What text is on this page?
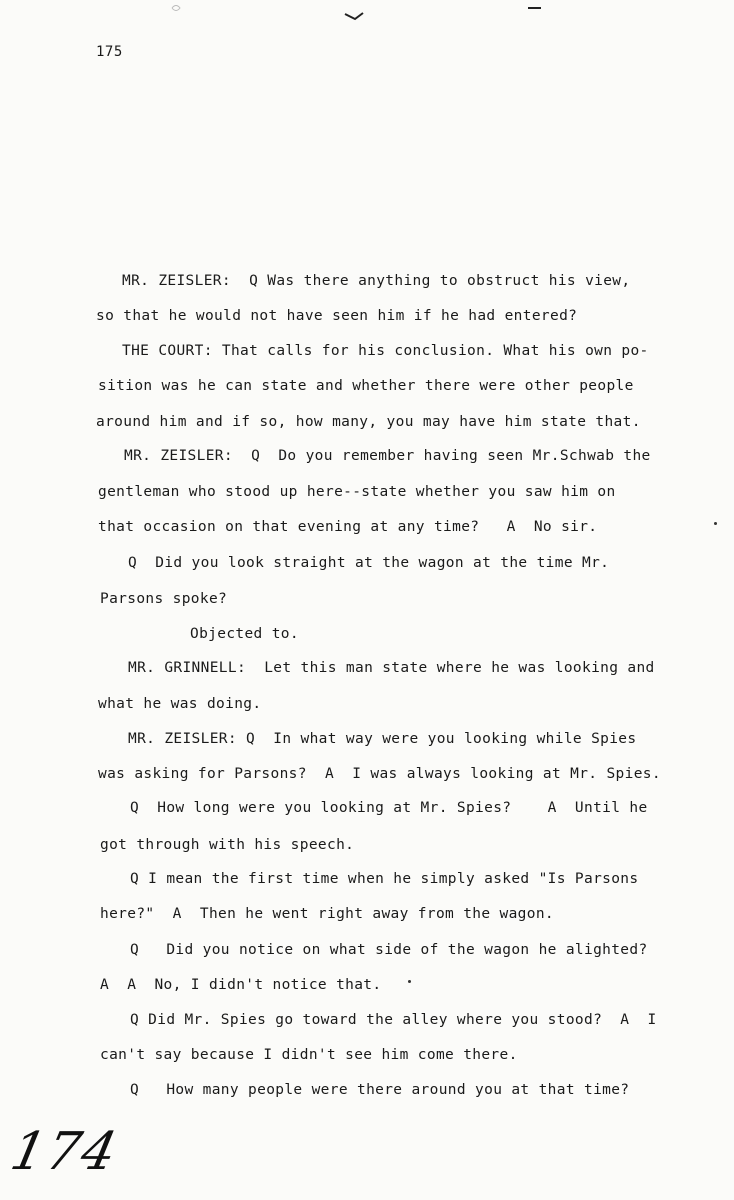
175
MR. ZEISLER:  Q Was there anything to obstruct his view,
so that he would not have seen him if he had entered?
THE COURT: That calls for his conclusion. What his own po-
sition was he can state and whether there were other people
around him and if so, how many, you may have him state that.
MR. ZEISLER:  Q  Do you remember having seen Mr.Schwab the
gentleman who stood up here--state whether you saw him on
that occasion on that evening at any time?   A  No sir.
Q  Did you look straight at the wagon at the time Mr.
Parsons spoke?
Objected to.
MR. GRINNELL:  Let this man state where he was looking and
what he was doing.
MR. ZEISLER: Q  In what way were you looking while Spies
was asking for Parsons?  A  I was always looking at Mr. Spies.
Q  How long were you looking at Mr. Spies?    A  Until he
got through with his speech.
Q I mean the first time when he simply asked "Is Parsons
here?"  A  Then he went right away from the wagon.
Q   Did you notice on what side of the wagon he alighted?
A  A  No, I didn't notice that.
Q Did Mr. Spies go toward the alley where you stood?  A  I
can't say because I didn't see him come there.
Q   How many people were there around you at that time?
174
